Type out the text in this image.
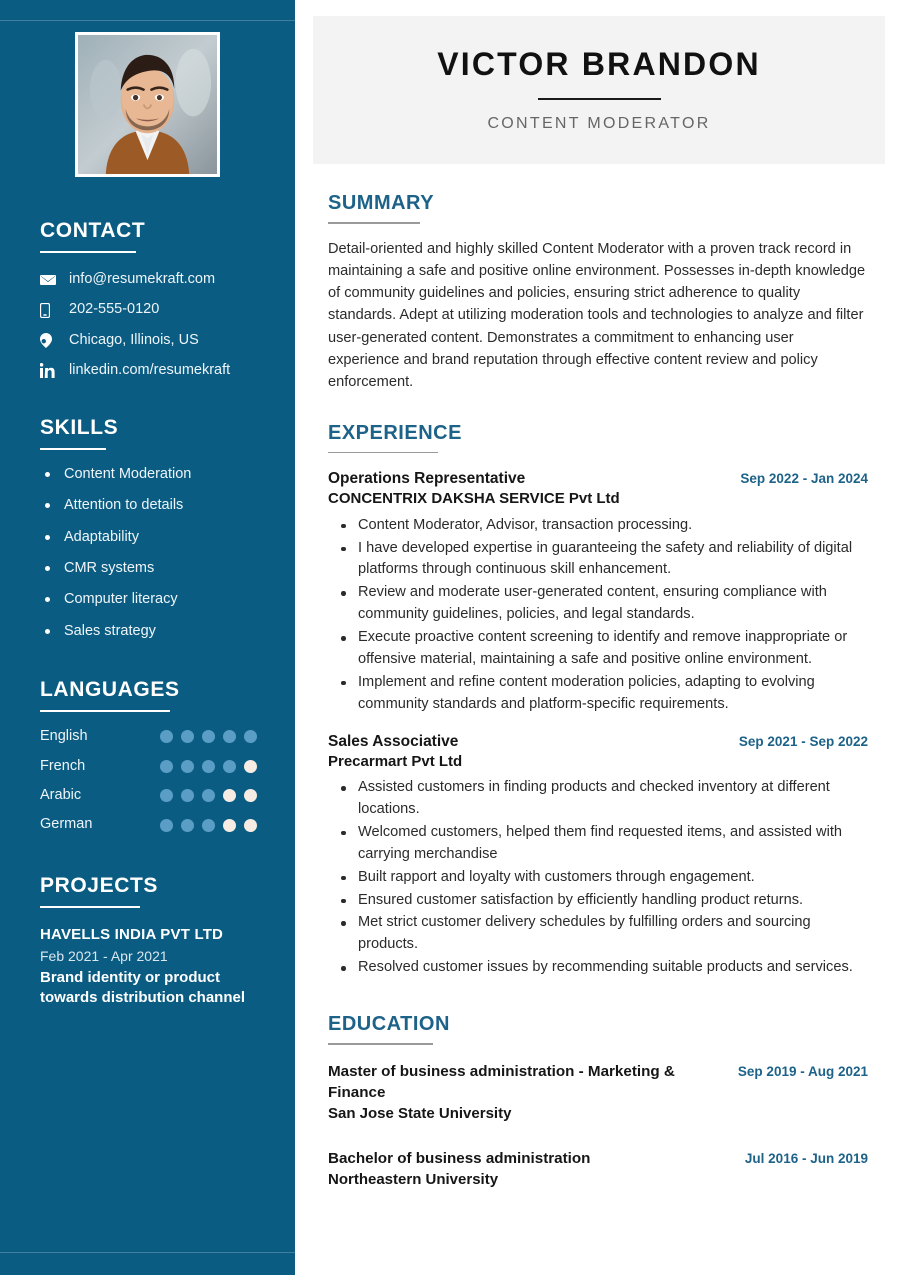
CONTACT
info@resumekraft.com
202-555-0120
Chicago, Illinois, US
linkedin.com/resumekraft
SKILLS
Content Moderation
Attention to details
Adaptability
CMR systems
Computer literacy
Sales strategy
LANGUAGES
English
French
Arabic
German
PROJECTS
HAVELLS INDIA PVT LTD
Feb 2021 - Apr 2021
Brand identity or product towards distribution channel
VICTOR BRANDON
CONTENT MODERATOR
SUMMARY

Detail-oriented and highly skilled Content Moderator with a proven track record in maintaining a safe and positive online environment. Possesses in-depth knowledge of community guidelines and policies, ensuring strict adherence to quality standards. Adept at utilizing moderation tools and technologies to analyze and filter user-generated content. Demonstrates a commitment to enhancing user experience and brand reputation through effective content review and policy enforcement.

EXPERIENCE
Operations Representative	Sep 2022 - Jan 2024
CONCENTRIX DAKSHA SERVICE Pvt Ltd
Content Moderator, Advisor, transaction processing.
I have developed expertise in guaranteeing the safety and reliability of digital platforms through continuous skill enhancement.
Review and moderate user-generated content, ensuring compliance with community guidelines, policies, and legal standards.
Execute proactive content screening to identify and remove inappropriate or offensive material, maintaining a safe and positive online environment.
Implement and refine content moderation policies, adapting to evolving community standards and platform-specific requirements.
Sales Associative	Sep 2021 - Sep 2022
Precarmart Pvt Ltd
Assisted customers in finding products and checked inventory at different locations.
Welcomed customers, helped them find requested items, and assisted with carrying merchandise
Built rapport and loyalty with customers through engagement.
Ensured customer satisfaction by efficiently handling product returns.
Met strict customer delivery schedules by fulfilling orders and sourcing products.
Resolved customer issues by recommending suitable products and services.
EDUCATION
Master of business administration - Marketing & Finance
Sep 2019 - Aug 2021
San Jose State University
Bachelor of business administration	Jul 2016 - Jun 2019
Northeastern University
